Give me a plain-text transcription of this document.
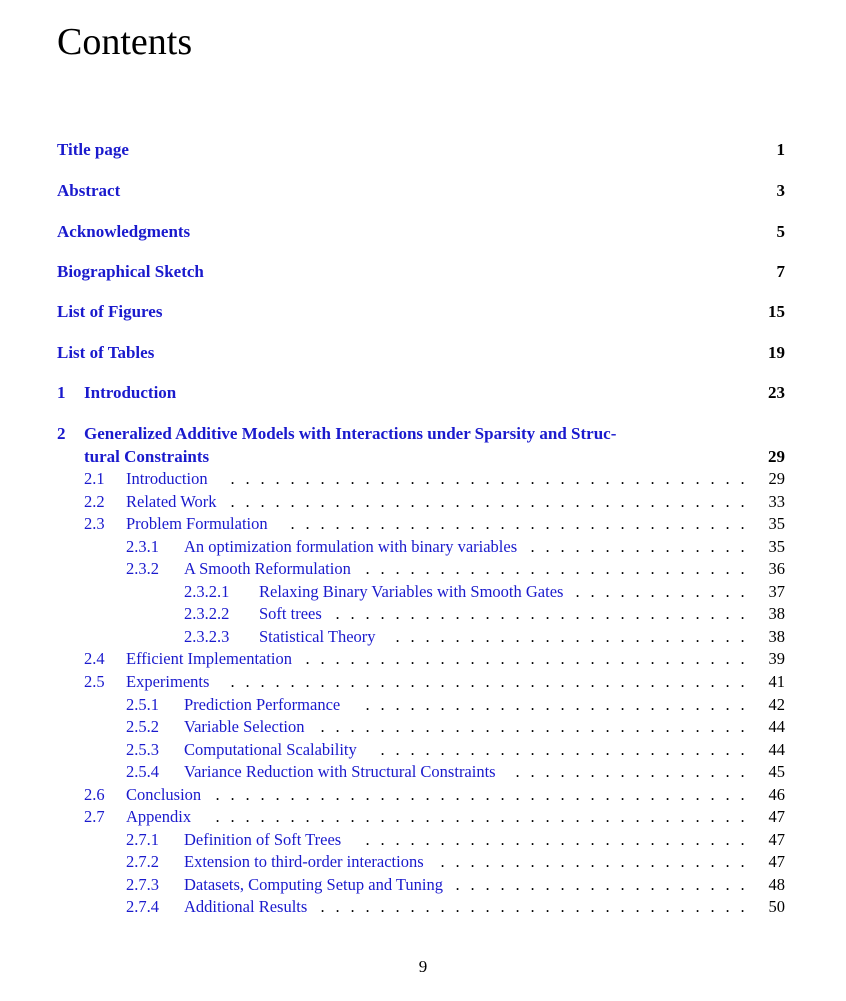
Contents
Title page	1
Abstract	3
Acknowledgments	5
Biographical Sketch	7
List of Figures	15
List of Tables	19
1 Introduction	23
2 Generalized Additive Models with Interactions under Sparsity and Struc-
tural Constraints	29
2.1 Introduction	. . . . . . . . . . . . . . . . . . . . . . . . . . . . . . . . . . .	29
2.2 Related Work . . . . . . . . . . . . . . . . . . . . . . . . . . . . . . . . . . .	33
2.3 Problem Formulation	. . . . . . . . . . . . . . . . . . . . . . . . . . . . . . .	35
2.3.1 An optimization formulation with binary variables . . . . . . . . . . . . . . .	35
2.3.2 A Smooth Reformulation . . . . . . . . . . . . . . . . . . . . . . . . . .	36
2.3.2.1 Relaxing Binary Variables with Smooth Gates . . . . . . . . . . . .	37
2.3.2.2 Soft trees . . . . . . . . . . . . . . . . . . . . . . . . . . . .	38
2.3.2.3 Statistical Theory	. . . . . . . . . . . . . . . . . . . . . . . .	38
2.4 Efficient Implementation . . . . . . . . . . . . . . . . . . . . . . . . . . . . . .	39
2.5 Experiments	. . . . . . . . . . . . . . . . . . . . . . . . . . . . . . . . . . .	41
2.5.1 Prediction Performance	. . . . . . . . . . . . . . . . . . . . . . . . . .	42
2.5.2 Variable Selection . . . . . . . . . . . . . . . . . . . . . . . . . . . . .	44
2.5.3 Computational Scalability	. . . . . . . . . . . . . . . . . . . . . . . . .	44
2.5.4 Variance Reduction with Structural Constraints	. . . . . . . . . . . . . . . .	45
2.6 Conclusion . . . . . . . . . . . . . . . . . . . . . . . . . . . . . . . . . . . .	46
2.7 Appendix	. . . . . . . . . . . . . . . . . . . . . . . . . . . . . . . . . . . .	47
2.7.1 Definition of Soft Trees	. . . . . . . . . . . . . . . . . . . . . . . . . .	47
2.7.2 Extension to third-order interactions	. . . . . . . . . . . . . . . . . . . . .	47
2.7.3 Datasets, Computing Setup and Tuning . . . . . . . . . . . . . . . . . . . .	48
2.7.4 Additional Results . . . . . . . . . . . . . . . . . . . . . . . . . . . . .	50
9
